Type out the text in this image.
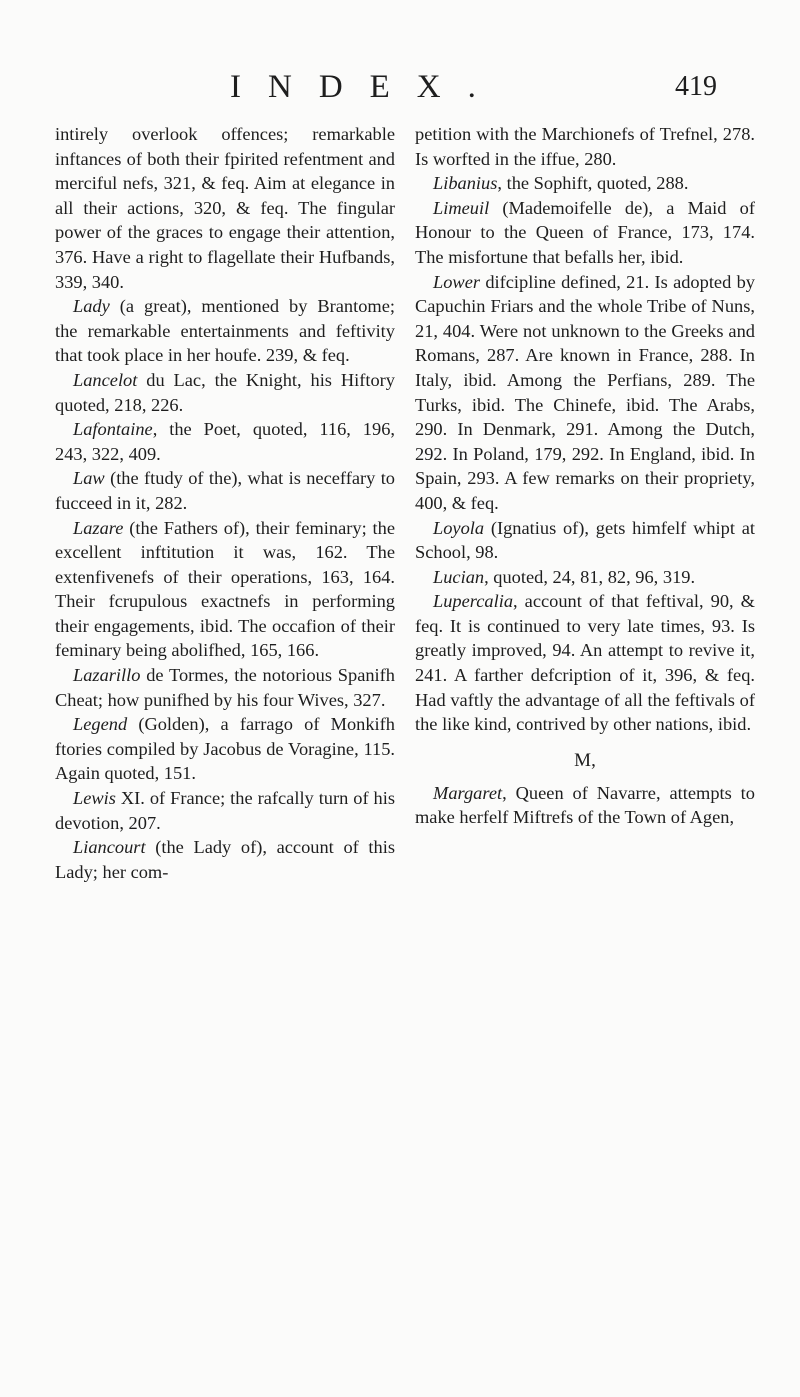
INDEX.	419

intirely overlook offences; remarkable inftances of both their fpirited refentment and merciful nefs, 321, & feq. Aim at elegance in all their actions, 320, & feq. The fingular power of the graces to engage their attention, 376. Have a right to flagellate their Hufbands, 339, 340.

Lady (a great), mentioned by Brantome; the remarkable entertainments and feftivity that took place in her houfe. 239, & feq.

Lancelot du Lac, the Knight, his Hiftory quoted, 218, 226.

Lafontaine, the Poet, quoted, 116, 196, 243, 322, 409.

Law (the ftudy of the), what is neceffary to fucceed in it, 282.

Lazare (the Fathers of), their feminary; the excellent inftitution it was, 162. The extenfivenefs of their operations, 163, 164. Their fcrupulous exactnefs in performing their engagements, ibid. The occafion of their feminary being abolifhed, 165, 166.

Lazarillo de Tormes, the notorious Spanifh Cheat; how punifhed by his four Wives, 327.

Legend (Golden), a farrago of Monkifh ftories compiled by Jacobus de Voragine, 115. Again quoted, 151.

Lewis XI. of France; the rafcally turn of his devotion, 207.

Liancourt (the Lady of), account of this Lady; her com-

petition with the Marchionefs of Trefnel, 278. Is worfted in the iffue, 280.

Libanius, the Sophift, quoted, 288.

Limeuil (Mademoifelle de), a Maid of Honour to the Queen of France, 173, 174. The misfortune that befalls her, ibid.

Lower difcipline defined, 21. Is adopted by Capuchin Friars and the whole Tribe of Nuns, 21, 404. Were not unknown to the Greeks and Romans, 287. Are known in France, 288. In Italy, ibid. Among the Perfians, 289. The Turks, ibid. The Chinefe, ibid. The Arabs, 290. In Denmark, 291. Among the Dutch, 292. In Poland, 179, 292. In England, ibid. In Spain, 293. A few remarks on their propriety, 400, & feq.

Loyola (Ignatius of), gets himfelf whipt at School, 98.

Lucian, quoted, 24, 81, 82, 96, 319.

Lupercalia, account of that feftival, 90, & feq. It is continued to very late times, 93. Is greatly improved, 94. An attempt to revive it, 241. A farther defcription of it, 396, & feq. Had vaftly the advantage of all the feftivals of the like kind, contrived by other nations, ibid.

M,

Margaret, Queen of Navarre, attempts to make herfelf Miftrefs of the Town of Agen,
